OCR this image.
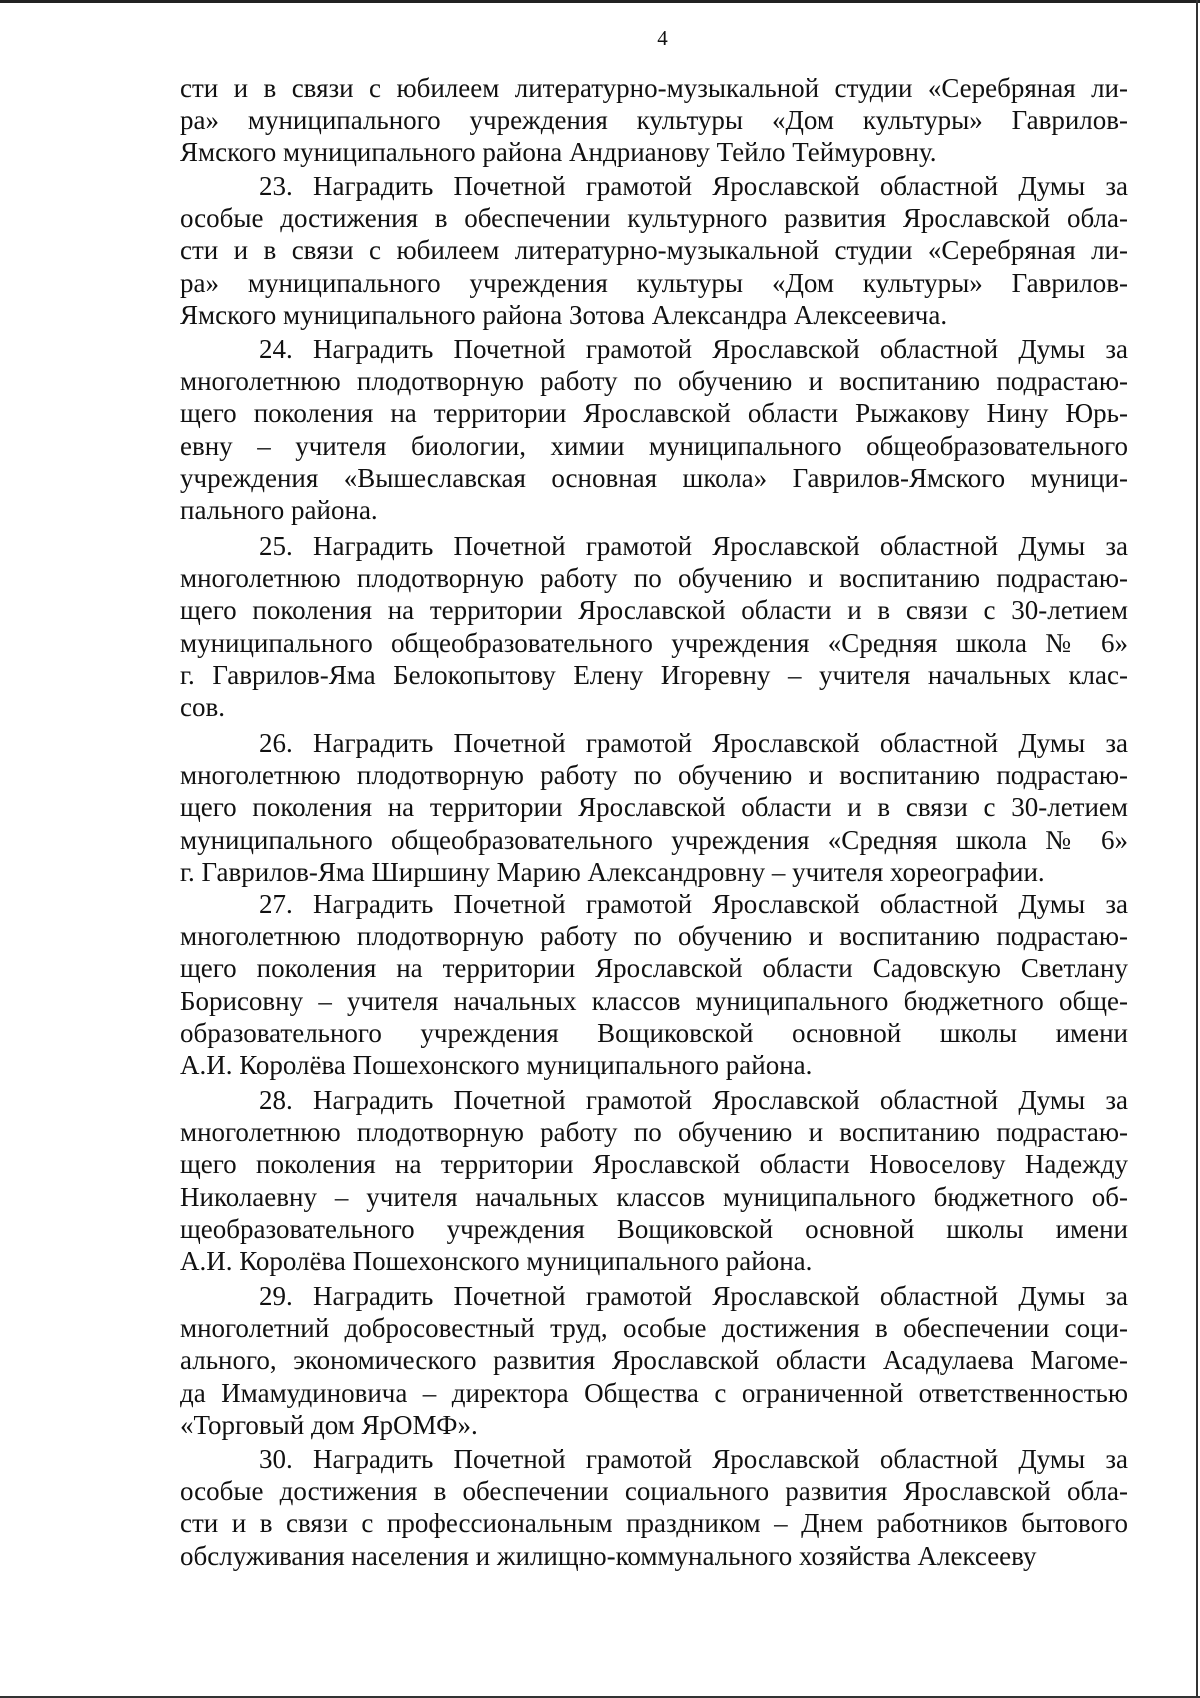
4
сти и в связи с юбилеем литературно-музыкальной студии «Серебряная ли-
ра» муниципального учреждения культуры «Дом культуры» Гаврилов-
Ямского муниципального района Андрианову Тейло Теймуровну.
23. Наградить Почетной грамотой Ярославской областной Думы за
особые достижения в обеспечении культурного развития Ярославской обла-
сти и в связи с юбилеем литературно-музыкальной студии «Серебряная ли-
ра» муниципального учреждения культуры «Дом культуры» Гаврилов-
Ямского муниципального района Зотова Александра Алексеевича.
24. Наградить Почетной грамотой Ярославской областной Думы за
многолетнюю плодотворную работу по обучению и воспитанию подрастаю-
щего поколения на территории Ярославской области Рыжакову Нину Юрь-
евну – учителя биологии, химии муниципального общеобразовательного
учреждения «Вышеславская основная школа» Гаврилов-Ямского муници-
пального района.
25. Наградить Почетной грамотой Ярославской областной Думы за
многолетнюю плодотворную работу по обучению и воспитанию подрастаю-
щего поколения на территории Ярославской области и в связи с 30-летием
муниципального общеобразовательного учреждения «Средняя школа № 6»
г. Гаврилов-Яма Белокопытову Елену Игоревну – учителя начальных клас-
сов.
26. Наградить Почетной грамотой Ярославской областной Думы за
многолетнюю плодотворную работу по обучению и воспитанию подрастаю-
щего поколения на территории Ярославской области и в связи с 30-летием
муниципального общеобразовательного учреждения «Средняя школа № 6»
г. Гаврилов-Яма Ширшину Марию Александровну – учителя хореографии.
27. Наградить Почетной грамотой Ярославской областной Думы за
многолетнюю плодотворную работу по обучению и воспитанию подрастаю-
щего поколения на территории Ярославской области Садовскую Светлану
Борисовну – учителя начальных классов муниципального бюджетного обще-
образовательного учреждения Вощиковской основной школы имени
А.И. Королёва Пошехонского муниципального района.
28. Наградить Почетной грамотой Ярославской областной Думы за
многолетнюю плодотворную работу по обучению и воспитанию подрастаю-
щего поколения на территории Ярославской области Новоселову Надежду
Николаевну – учителя начальных классов муниципального бюджетного об-
щеобразовательного учреждения Вощиковской основной школы имени
А.И. Королёва Пошехонского муниципального района.
29. Наградить Почетной грамотой Ярославской областной Думы за
многолетний добросовестный труд, особые достижения в обеспечении соци-
ального, экономического развития Ярославской области Асадулаева Магоме-
да Имамудиновича – директора Общества с ограниченной ответственностью
«Торговый дом ЯрОМФ».
30. Наградить Почетной грамотой Ярославской областной Думы за
особые достижения в обеспечении социального развития Ярославской обла-
сти и в связи с профессиональным праздником – Днем работников бытового
обслуживания населения и жилищно-коммунального хозяйства Алексееву
